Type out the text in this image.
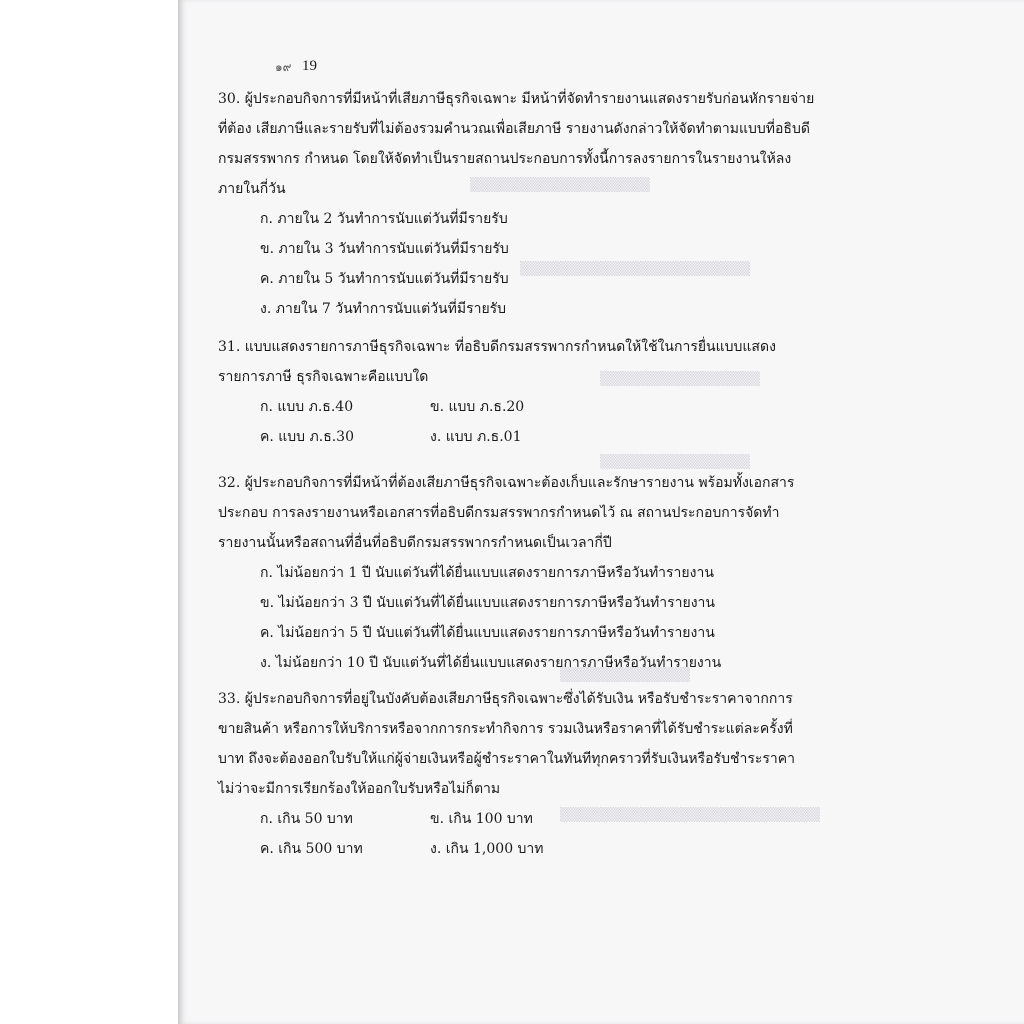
▒▒▒▒▒▒▒▒▒▒▒▒▒▒▒▒▒▒
▒▒▒▒▒▒▒▒▒▒▒▒▒▒▒▒▒▒▒▒▒▒▒
▒▒▒▒▒▒▒▒▒▒▒▒▒▒▒▒
▒▒▒▒▒▒▒▒▒▒▒▒▒▒▒
▒▒▒▒▒▒▒▒▒▒▒▒▒
▒▒▒▒▒▒▒▒▒▒▒▒▒▒▒▒▒▒▒▒▒▒▒▒▒▒
๑๙ 19

30. ผู้ประกอบกิจการที่มีหน้าที่เสียภาษีธุรกิจเฉพาะ มีหน้าที่จัดทำรายงานแสดงรายรับก่อนหักรายจ่าย

ที่ต้อง เสียภาษีและรายรับที่ไม่ต้องรวมคำนวณเพื่อเสียภาษี รายงานดังกล่าวให้จัดทำตามแบบที่อธิบดี

กรมสรรพากร กำหนด โดยให้จัดทำเป็นรายสถานประกอบการทั้งนี้การลงรายการในรายงานให้ลง

ภายในกี่วัน

ก. ภายใน 2 วันทำการนับแต่วันที่มีรายรับ
ข. ภายใน 3 วันทำการนับแต่วันที่มีรายรับ
ค. ภายใน 5 วันทำการนับแต่วันที่มีรายรับ
ง. ภายใน 7 วันทำการนับแต่วันที่มีรายรับ

31. แบบแสดงรายการภาษีธุรกิจเฉพาะ ที่อธิบดีกรมสรรพากรกำหนดให้ใช้ในการยื่นแบบแสดง

รายการภาษี ธุรกิจเฉพาะคือแบบใด

ก. แบบ ภ.ธ.40	ข. แบบ ภ.ธ.20
ค. แบบ ภ.ธ.30	ง. แบบ ภ.ธ.01

32. ผู้ประกอบกิจการที่มีหน้าที่ต้องเสียภาษีธุรกิจเฉพาะต้องเก็บและรักษารายงาน พร้อมทั้งเอกสาร

ประกอบ การลงรายงานหรือเอกสารที่อธิบดีกรมสรรพากรกำหนดไว้ ณ สถานประกอบการจัดทำ

รายงานนั้นหรือสถานที่อื่นที่อธิบดีกรมสรรพากรกำหนดเป็นเวลากี่ปี

ก. ไม่น้อยกว่า 1 ปี นับแต่วันที่ได้ยื่นแบบแสดงรายการภาษีหรือวันทำรายงาน
ข. ไม่น้อยกว่า 3 ปี นับแต่วันที่ได้ยื่นแบบแสดงรายการภาษีหรือวันทำรายงาน
ค. ไม่น้อยกว่า 5 ปี นับแต่วันที่ได้ยื่นแบบแสดงรายการภาษีหรือวันทำรายงาน
ง. ไม่น้อยกว่า 10 ปี นับแต่วันที่ได้ยื่นแบบแสดงรายการภาษีหรือวันทำรายงาน

33. ผู้ประกอบกิจการที่อยู่ในบังคับต้องเสียภาษีธุรกิจเฉพาะซึ่งได้รับเงิน หรือรับชำระราคาจากการ

ขายสินค้า หรือการให้บริการหรือจากการกระทำกิจการ รวมเงินหรือราคาที่ได้รับชำระแต่ละครั้งที่

บาท ถึงจะต้องออกใบรับให้แก่ผู้จ่ายเงินหรือผู้ชำระราคาในทันทีทุกคราวที่รับเงินหรือรับชำระราคา

ไม่ว่าจะมีการเรียกร้องให้ออกใบรับหรือไม่ก็ตาม

ก. เกิน 50 บาท	ข. เกิน 100 บาท
ค. เกิน 500 บาท	ง. เกิน 1,000 บาท
